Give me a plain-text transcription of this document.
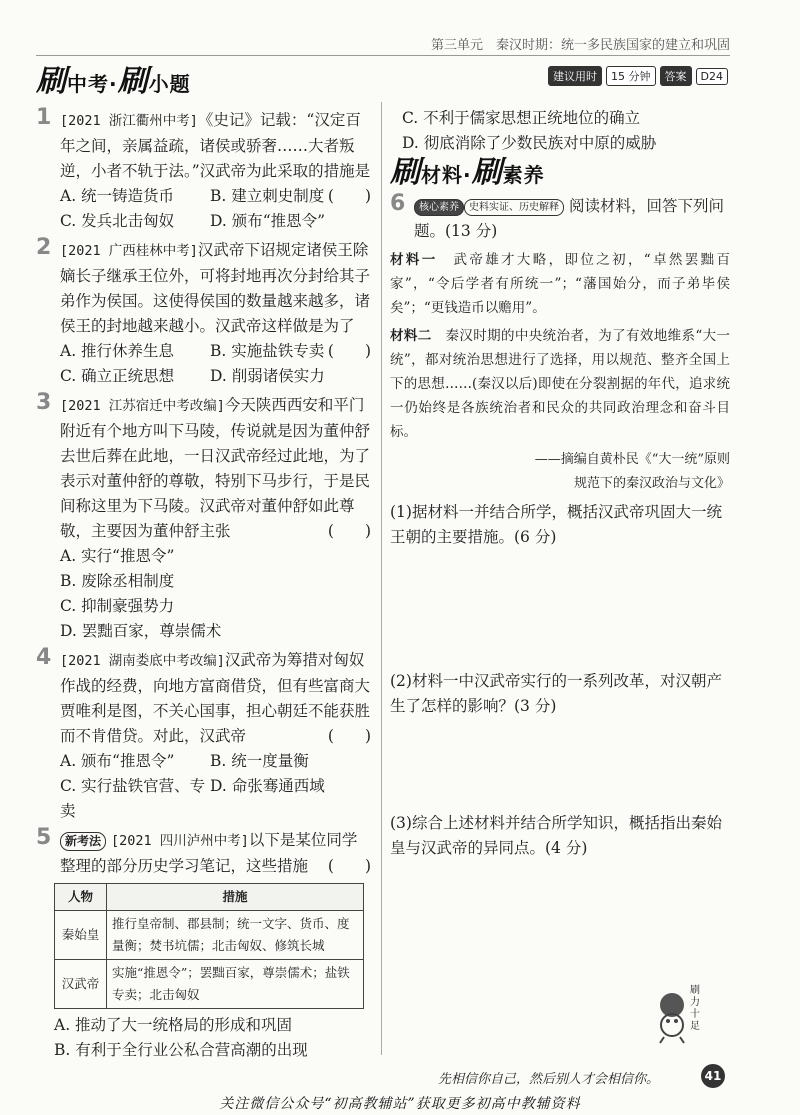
第三单元　秦汉时期：统一多民族国家的建立和巩固
刷中考·刷小题	建议用时	15 分钟	答案	D24
1 [2021 浙江衢州中考]《史记》记载：“汉定百年之间，亲属益疏，诸侯或骄奢……大者叛逆，小者不轨于法。”汉武帝为此采取的措施是
(　　)
A. 统一铸造货币	B. 建立刺史制度
C. 发兵北击匈奴	D. 颁布“推恩令”
2 [2021 广西桂林中考]汉武帝下诏规定诸侯王除嫡长子继承王位外，可将封地再次分封给其子弟作为侯国。这使得侯国的数量越来越多，诸侯王的封地越来越小。汉武帝这样做是为了
(　　)
A. 推行休养生息	B. 实施盐铁专卖
C. 确立正统思想	D. 削弱诸侯实力
3 [2021 江苏宿迁中考改编]今天陕西西安和平门附近有个地方叫下马陵，传说就是因为董仲舒去世后葬在此地，一日汉武帝经过此地，为了表示对董仲舒的尊敬，特别下马步行，于是民间称这里为下马陵。汉武帝对董仲舒如此尊敬，主要因为董仲舒主张	(　　)
A. 实行“推恩令”
B. 废除丞相制度
C. 抑制豪强势力
D. 罢黜百家，尊崇儒术
4 [2021 湖南娄底中考改编]汉武帝为筹措对匈奴作战的经费，向地方富商借贷，但有些富商大贾唯利是图，不关心国事，担心朝廷不能获胜而不肯借贷。对此，汉武帝	(　　)
A. 颁布“推恩令”	B. 统一度量衡
C. 实行盐铁官营、专卖
D. 命张骞通西域
5 新考法 [2021 四川泸州中考]以下是某位同学整理的部分历史学习笔记，这些措施 (　　)
人物	措施
秦始皇	推行皇帝制、郡县制；统一文字、货币、度量衡；焚书坑儒；北击匈奴、修筑长城
汉武帝	实施“推恩令”；罢黜百家，尊崇儒术；盐铁专卖；北击匈奴
A. 推动了大一统格局的形成和巩固
B. 有利于全行业公私合营高潮的出现
C. 不利于儒家思想正统地位的确立
D. 彻底消除了少数民族对中原的威胁
刷材料·刷素养
6 核心素养 史料实证、历史解释 阅读材料，回答下列问题。(13 分)
材料一　 武帝雄才大略，即位之初，“卓然罢黜百家”，“令后学者有所统一”；“藩国始分，而子弟毕侯矣”；“更钱造币以赡用”。
材料二　 秦汉时期的中央统治者，为了有效地维系“大一统”，都对统治思想进行了选择，用以规范、整齐全国上下的思想……(秦汉以后)即使在分裂割据的年代，追求统一仍始终是各族统治者和民众的共同政治理念和奋斗目标。
——摘编自黄朴民《“大一统”原则
规范下的秦汉政治与文化》
(1)据材料一并结合所学，概括汉武帝巩固大一统王朝的主要措施。(6 分)
(2)材料一中汉武帝实行的一系列改革，对汉朝产生了怎样的影响？(3 分)
(3)综合上述材料并结合所学知识，概括指出秦始皇与汉武帝的异同点。(4 分)
刷力十足
先相信你自己，然后别人才会相信你。	41
关注微信公众号“初高教辅站”获取更多初高中教辅资料
